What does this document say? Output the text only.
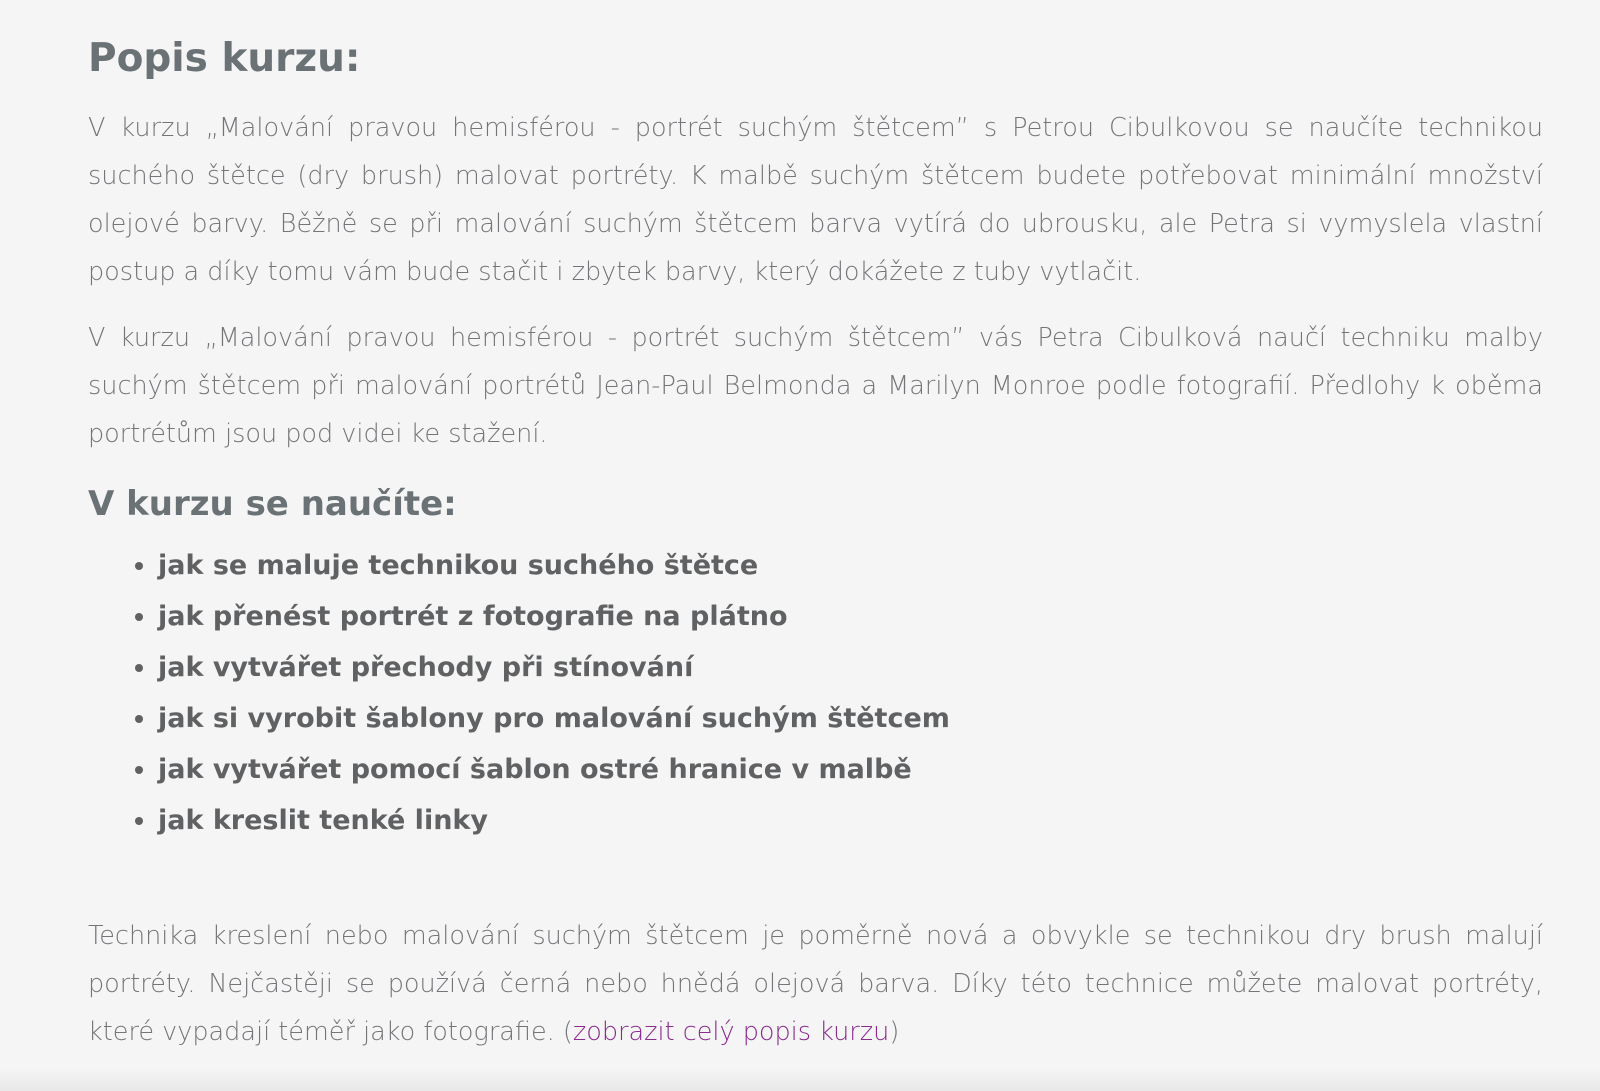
Popis kurzu:

V kurzu „Malování pravou hemisférou - portrét suchým štětcem” s Petrou Cibulkovou se naučíte technikou suchého štětce (dry brush) malovat portréty. K malbě suchým štětcem budete potřebovat minimální množství olejové barvy. Běžně se při malování suchým štětcem barva vytírá do ubrousku, ale Petra si vymyslela vlastní postup a díky tomu vám bude stačit i zbytek barvy, který dokážete z tuby vytlačit.

V kurzu „Malování pravou hemisférou - portrét suchým štětcem” vás Petra Cibulková naučí techniku malby suchým štětcem při malování portrétů Jean-Paul Belmonda a Marilyn Monroe podle fotografií. Předlohy k oběma portrétům jsou pod videi ke stažení.

V kurzu se naučíte:
• jak se maluje technikou suchého štětce
• jak přenést portrét z fotografie na plátno
• jak vytvářet přechody při stínování
• jak si vyrobit šablony pro malování suchým štětcem
• jak vytvářet pomocí šablon ostré hranice v malbě
• jak kreslit tenké linky

Technika kreslení nebo malování suchým štětcem je poměrně nová a obvykle se technikou dry brush malují portréty. Nejčastěji se používá černá nebo hnědá olejová barva. Díky této technice můžete malovat portréty, které vypadají téměř jako fotografie. (zobrazit celý popis kurzu)
